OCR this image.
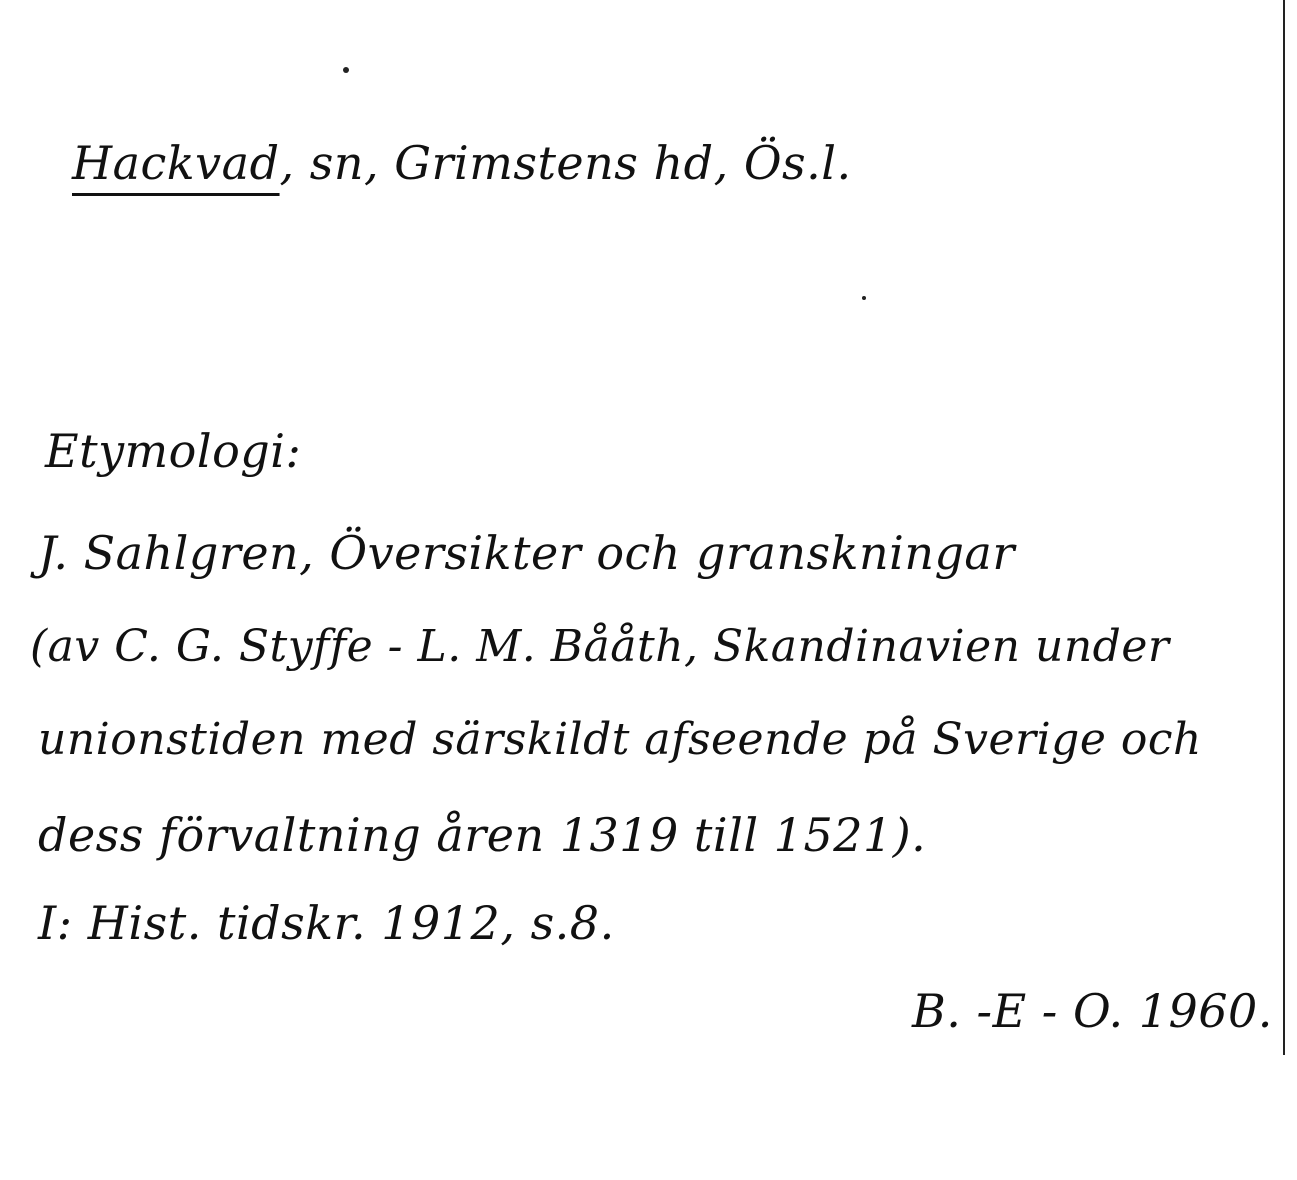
Hackvad, sn, Grimstens hd, Ös.l.
Etymologi:
J. Sahlgren, Översikter och granskningar
(av C. G. Styffe - L. M. Bååth, Skandinavien under
unionstiden med särskildt afseende på Sverige och
dess förvaltning åren 1319 till 1521).
I: Hist. tidskr. 1912, s.8.
B. -E - O. 1960.
